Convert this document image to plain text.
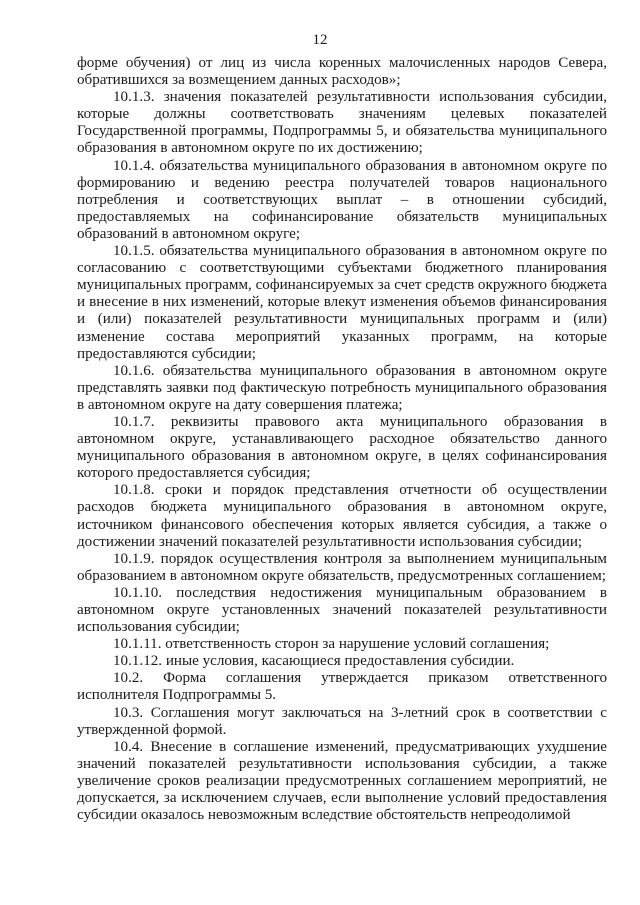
12

форме обучения) от лиц из числа коренных малочисленных народов Севера, обратившихся за возмещением данных расходов»;

10.1.3. значения показателей результативности использования субсидии, которые должны соответствовать значениям целевых показателей Государственной программы, Подпрограммы 5, и обязательства муниципального образования в автономном округе по их достижению;

10.1.4. обязательства муниципального образования в автономном округе по формированию и ведению реестра получателей товаров национального потребления и соответствующих выплат – в отношении субсидий, предоставляемых на софинансирование обязательств муниципальных образований в автономном округе;

10.1.5. обязательства муниципального образования в автономном округе по согласованию с соответствующими субъектами бюджетного планирования муниципальных программ, софинансируемых за счет средств окружного бюджета и внесение в них изменений, которые влекут изменения объемов финансирования и (или) показателей результативности муниципальных программ и (или) изменение состава мероприятий указанных программ, на которые предоставляются субсидии;

10.1.6. обязательства муниципального образования в автономном округе представлять заявки под фактическую потребность муниципального образования в автономном округе на дату совершения платежа;

10.1.7. реквизиты правового акта муниципального образования в автономном округе, устанавливающего расходное обязательство данного муниципального образования в автономном округе, в целях софинансирования которого предоставляется субсидия;

10.1.8. сроки и порядок представления отчетности об осуществлении расходов бюджета муниципального образования в автономном округе, источником финансового обеспечения которых является субсидия, а также о достижении значений показателей результативности использования субсидии;

10.1.9. порядок осуществления контроля за выполнением муниципальным образованием в автономном округе обязательств, предусмотренных соглашением;

10.1.10. последствия недостижения муниципальным образованием в автономном округе установленных значений показателей результативности использования субсидии;

10.1.11. ответственность сторон за нарушение условий соглашения;

10.1.12. иные условия, касающиеся предоставления субсидии.

10.2. Форма соглашения утверждается приказом ответственного исполнителя Подпрограммы 5.

10.3. Соглашения могут заключаться на 3-летний срок в соответствии с утвержденной формой.

10.4. Внесение в соглашение изменений, предусматривающих ухудшение значений показателей результативности использования субсидии, а также увеличение сроков реализации предусмотренных соглашением мероприятий, не допускается, за исключением случаев, если выполнение условий предоставления субсидии оказалось невозможным вследствие обстоятельств непреодолимой
